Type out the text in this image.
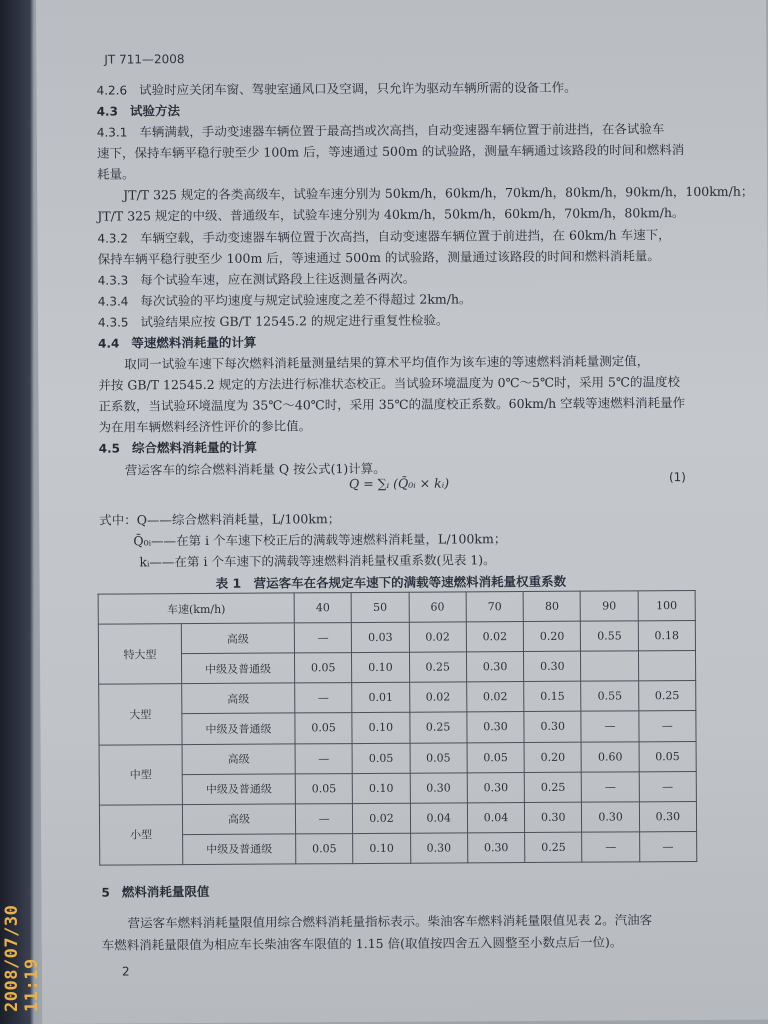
JT 711—2008
4.2.6 试验时应关闭车窗、驾驶室通风口及空调，只允许为驱动车辆所需的设备工作。
4.3 试验方法
4.3.1 车辆满载，手动变速器车辆位置于最高挡或次高挡，自动变速器车辆位置于前进挡，在各试验车
速下，保持车辆平稳行驶至少 100m 后，等速通过 500m 的试验路，测量车辆通过该路段的时间和燃料消
耗量。
JT/T 325 规定的各类高级车，试验车速分别为 50km/h，60km/h，70km/h，80km/h，90km/h，100km/h；
JT/T 325 规定的中级、普通级车，试验车速分别为 40km/h，50km/h，60km/h，70km/h，80km/h。
4.3.2 车辆空载，手动变速器车辆位置于次高挡，自动变速器车辆位置于前进挡，在 60km/h 车速下，
保持车辆平稳行驶至少 100m 后，等速通过 500m 的试验路，测量通过该路段的时间和燃料消耗量。
4.3.3 每个试验车速，应在测试路段上往返测量各两次。
4.3.4 每次试验的平均速度与规定试验速度之差不得超过 2km/h。
4.3.5 试验结果应按 GB/T 12545.2 的规定进行重复性检验。
4.4 等速燃料消耗量的计算
取同一试验车速下每次燃料消耗量测量结果的算术平均值作为该车速的等速燃料消耗量测定值，
并按 GB/T 12545.2 规定的方法进行标准状态校正。当试验环境温度为 0℃～5℃时，采用 5℃的温度校
正系数，当试验环境温度为 35℃～40℃时，采用 35℃的温度校正系数。60km/h 空载等速燃料消耗量作
为在用车辆燃料经济性评价的参比值。
4.5 综合燃料消耗量的计算
营运客车的综合燃料消耗量 Q 按公式(1)计算。
Q = ∑ᵢ (Q̄₀ᵢ × kᵢ)	(1)
式中：Q——综合燃料消耗量，L/100km；
Q̄₀ᵢ——在第 i 个车速下校正后的满载等速燃料消耗量，L/100km；
kᵢ——在第 i 个车速下的满载等速燃料消耗量权重系数(见表 1)。
表 1　营运客车在各规定车速下的满载等速燃料消耗量权重系数
车速(km/h)		40	50	60	70	80	90	100
特大型	高级	—	0.03	0.02	0.02	0.20	0.55	0.18
	中级及普通级	0.05	0.10	0.25	0.30	0.30		
大型	高级	—	0.01	0.02	0.02	0.15	0.55	0.25
	中级及普通级	0.05	0.10	0.25	0.30	0.30	—	—
中型	高级	—	0.05	0.05	0.05	0.20	0.60	0.05
	中级及普通级	0.05	0.10	0.30	0.30	0.25	—	—
小型	高级	—	0.02	0.04	0.04	0.30	0.30	0.30
	中级及普通级	0.05	0.10	0.30	0.30	0.25	—	—
5 燃料消耗量限值
营运客车燃料消耗量限值用综合燃料消耗量指标表示。柴油客车燃料消耗量限值见表 2。汽油客
车燃料消耗量限值为相应车长柴油客车限值的 1.15 倍(取值按四舍五入圆整至小数点后一位)。
2
2008/07/30 11:19
